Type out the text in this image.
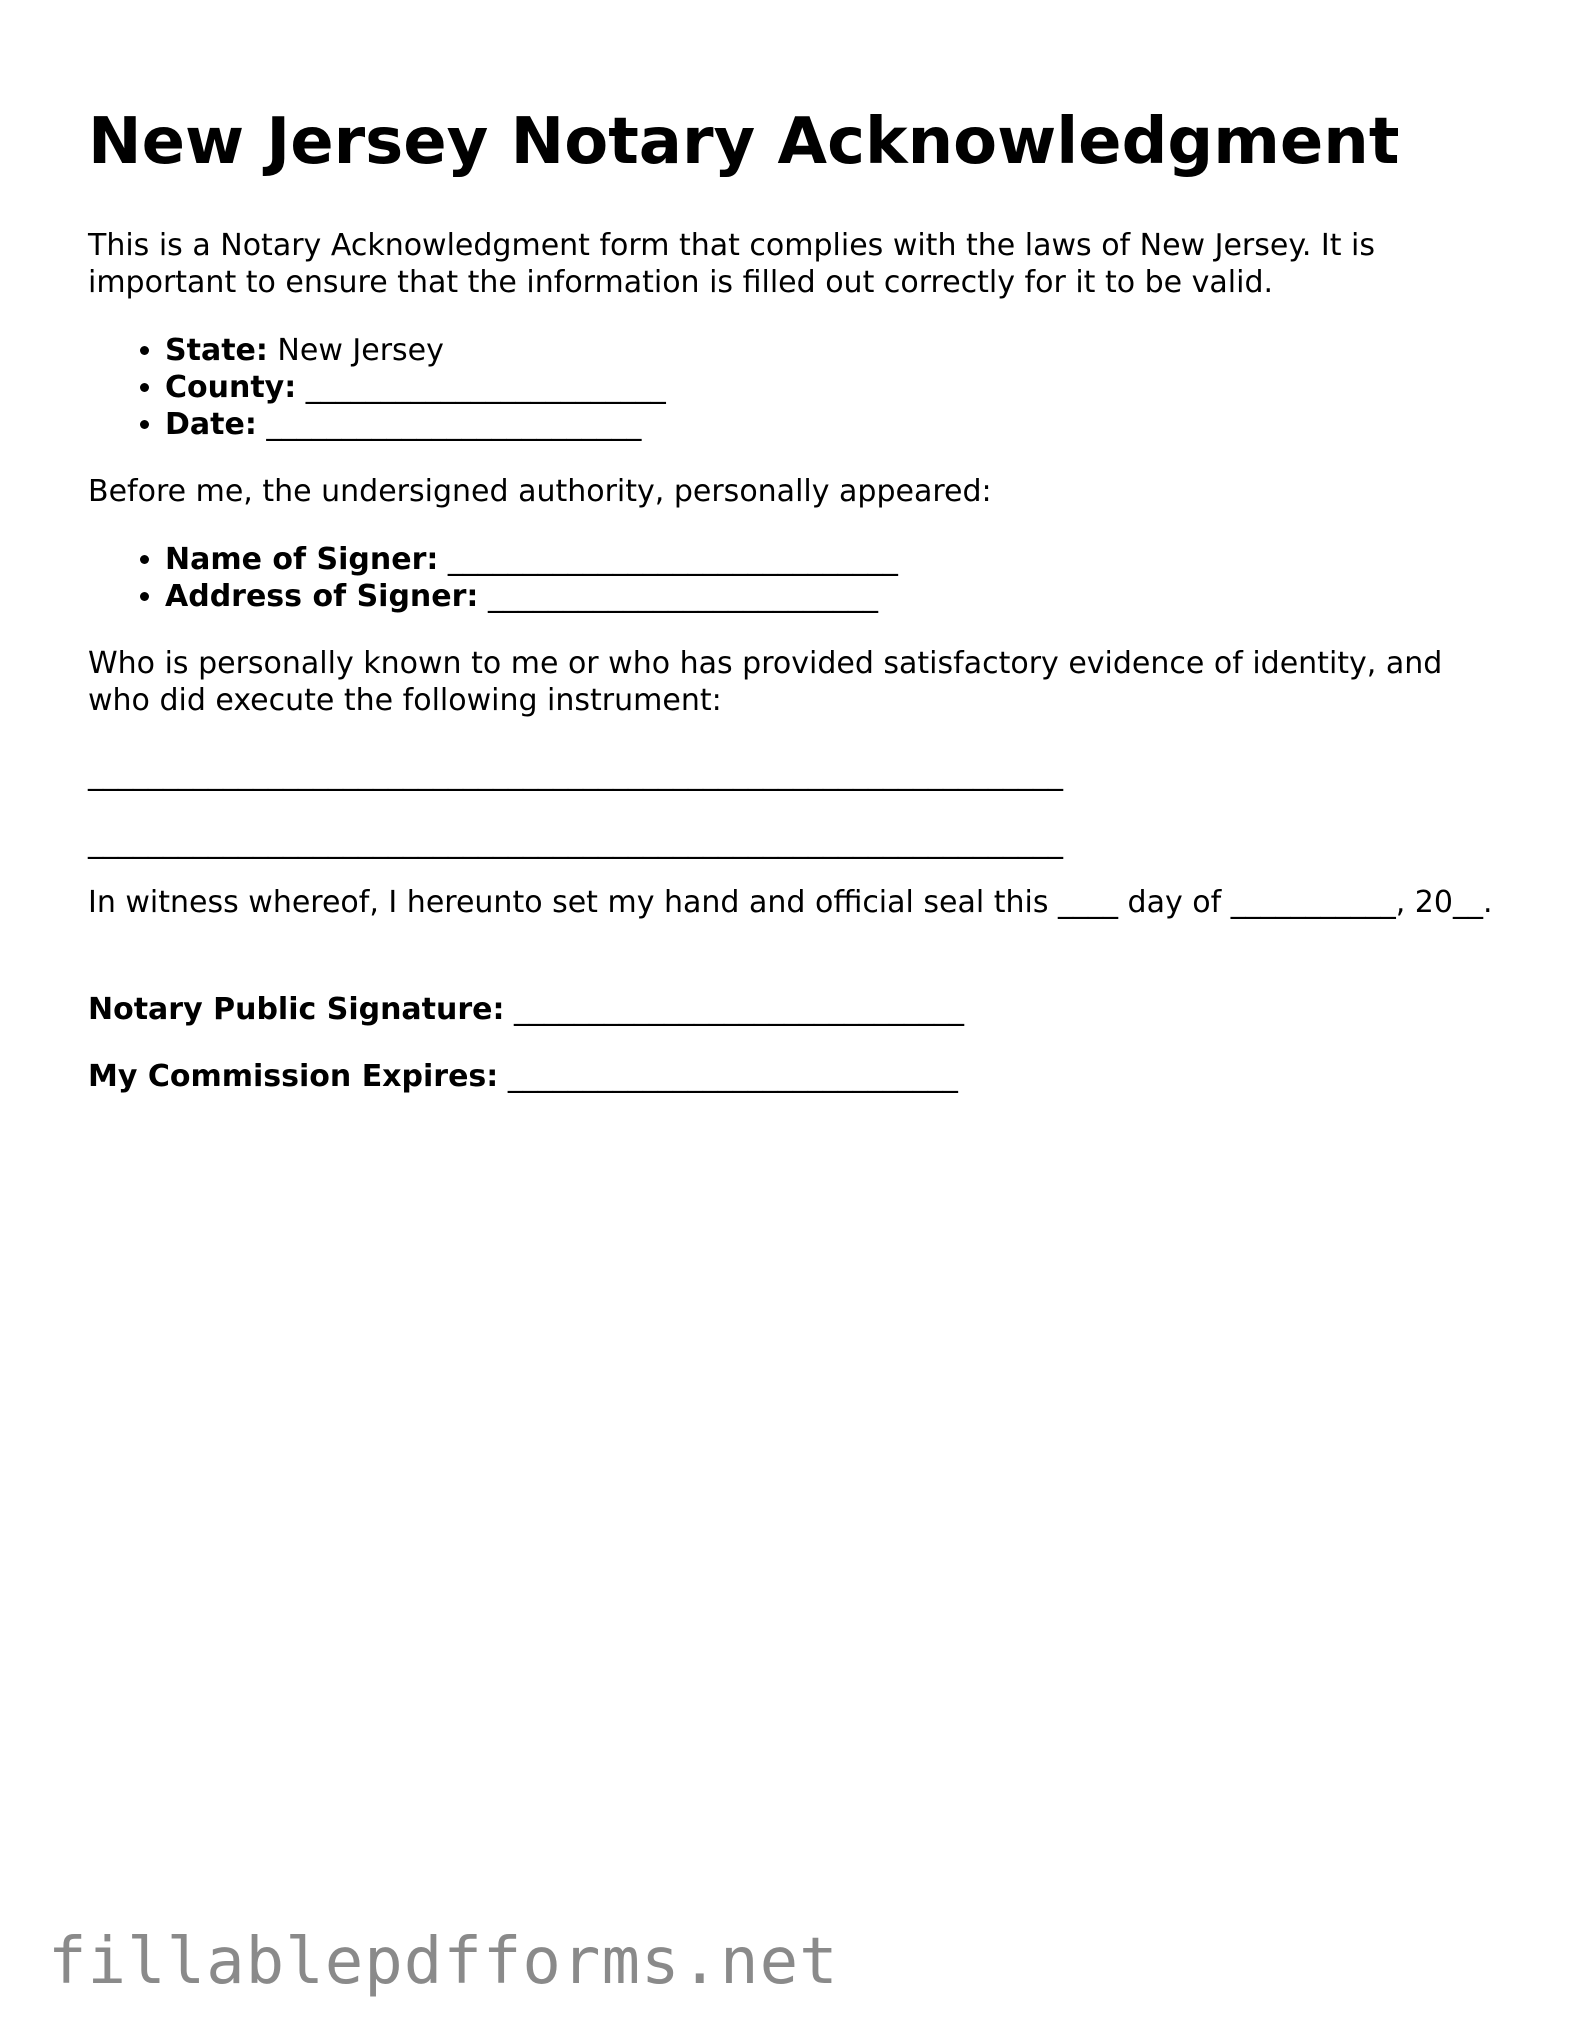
New Jersey Notary Acknowledgment

This is a Notary Acknowledgment form that complies with the laws of New Jersey. It is important to ensure that the information is filled out correctly for it to be valid.

• State: New Jersey
• County: ________________________
• Date: _________________________

Before me, the undersigned authority, personally appeared:

• Name of Signer: ______________________________
• Address of Signer: __________________________

Who is personally known to me or who has provided satisfactory evidence of identity, and who did execute the following instrument:

_________________________________________________________________
_________________________________________________________________

In witness whereof, I hereunto set my hand and official seal this ____ day of ___________, 20__.

Notary Public Signature: ______________________________

My Commission Expires: ______________________________

fillablepdfforms.net
